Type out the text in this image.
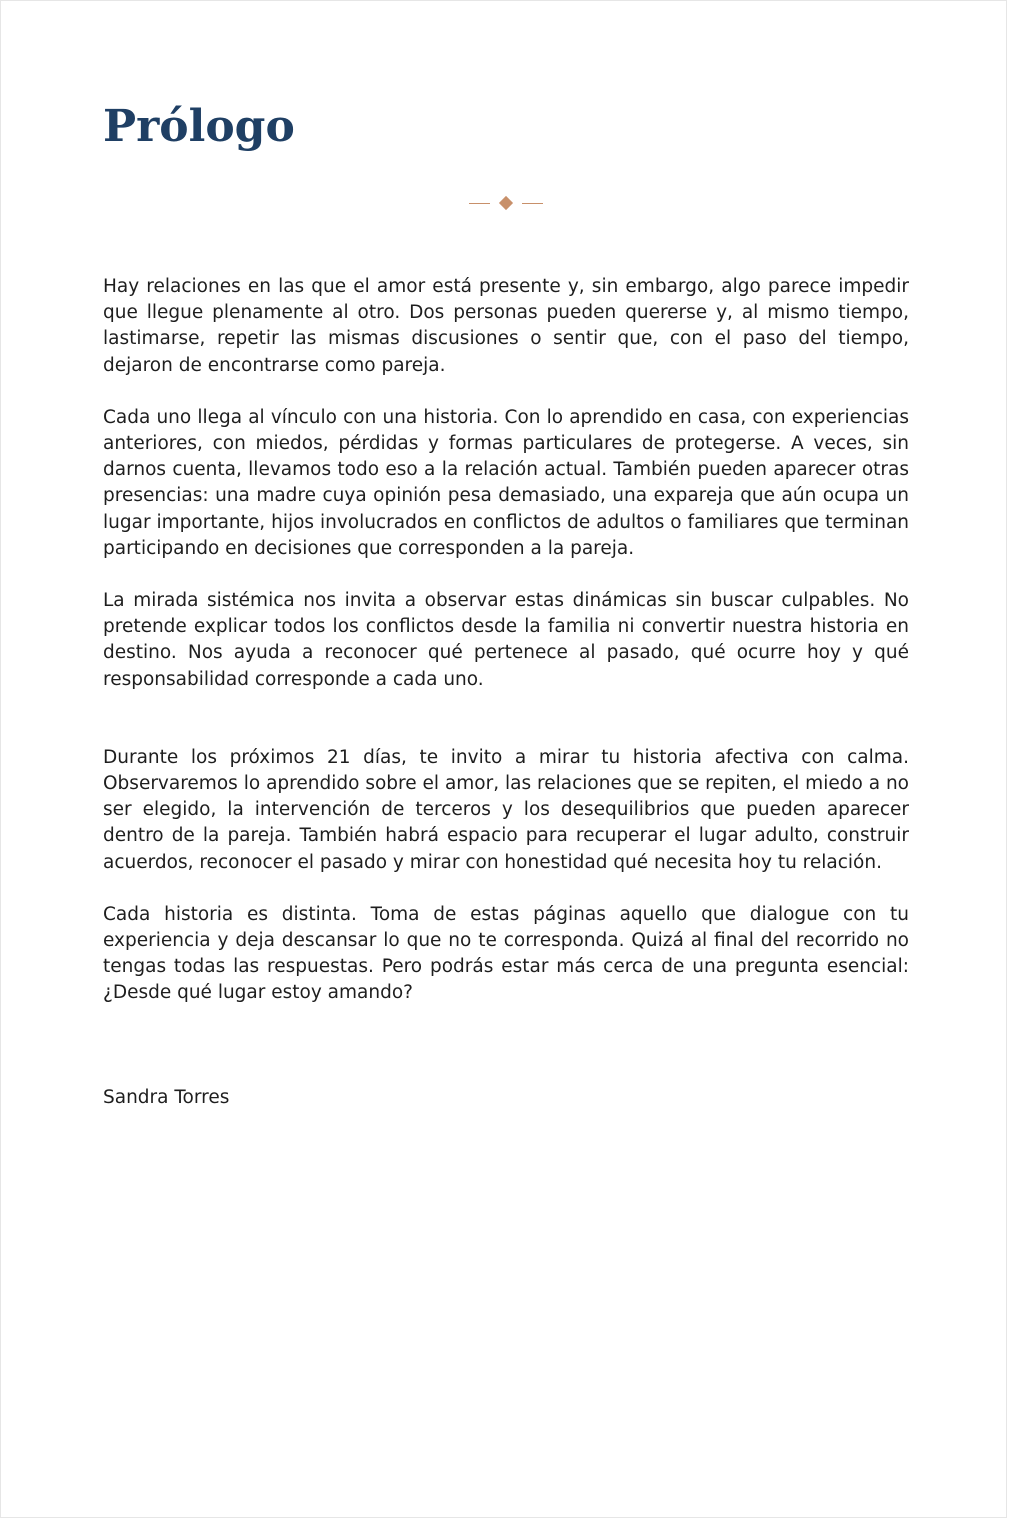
Prólogo

Hay relaciones en las que el amor está presente y, sin embargo, algo parece impedir que llegue plenamente al otro. Dos personas pueden quererse y, al mismo tiempo, lastimarse, repetir las mismas discusiones o sentir que, con el paso del tiempo, dejaron de encontrarse como pareja.

Cada uno llega al vínculo con una historia. Con lo aprendido en casa, con experiencias anteriores, con miedos, pérdidas y formas particulares de protegerse. A veces, sin darnos cuenta, llevamos todo eso a la relación actual. También pueden aparecer otras presencias: una madre cuya opinión pesa demasiado, una expareja que aún ocupa un lugar importante, hijos involucrados en conflictos de adultos o familiares que terminan participando en decisiones que corresponden a la pareja.

La mirada sistémica nos invita a observar estas dinámicas sin buscar culpables. No pretende explicar todos los conflictos desde la familia ni convertir nuestra historia en destino. Nos ayuda a reconocer qué pertenece al pasado, qué ocurre hoy y qué responsabilidad corresponde a cada uno.

Durante los próximos 21 días, te invito a mirar tu historia afectiva con calma. Observaremos lo aprendido sobre el amor, las relaciones que se repiten, el miedo a no ser elegido, la intervención de terceros y los desequilibrios que pueden aparecer dentro de la pareja. También habrá espacio para recuperar el lugar adulto, construir acuerdos, reconocer el pasado y mirar con honestidad qué necesita hoy tu relación.

Cada historia es distinta. Toma de estas páginas aquello que dialogue con tu experiencia y deja descansar lo que no te corresponda. Quizá al final del recorrido no tengas todas las respuestas. Pero podrás estar más cerca de una pregunta esencial: ¿Desde qué lugar estoy amando?

Sandra Torres
